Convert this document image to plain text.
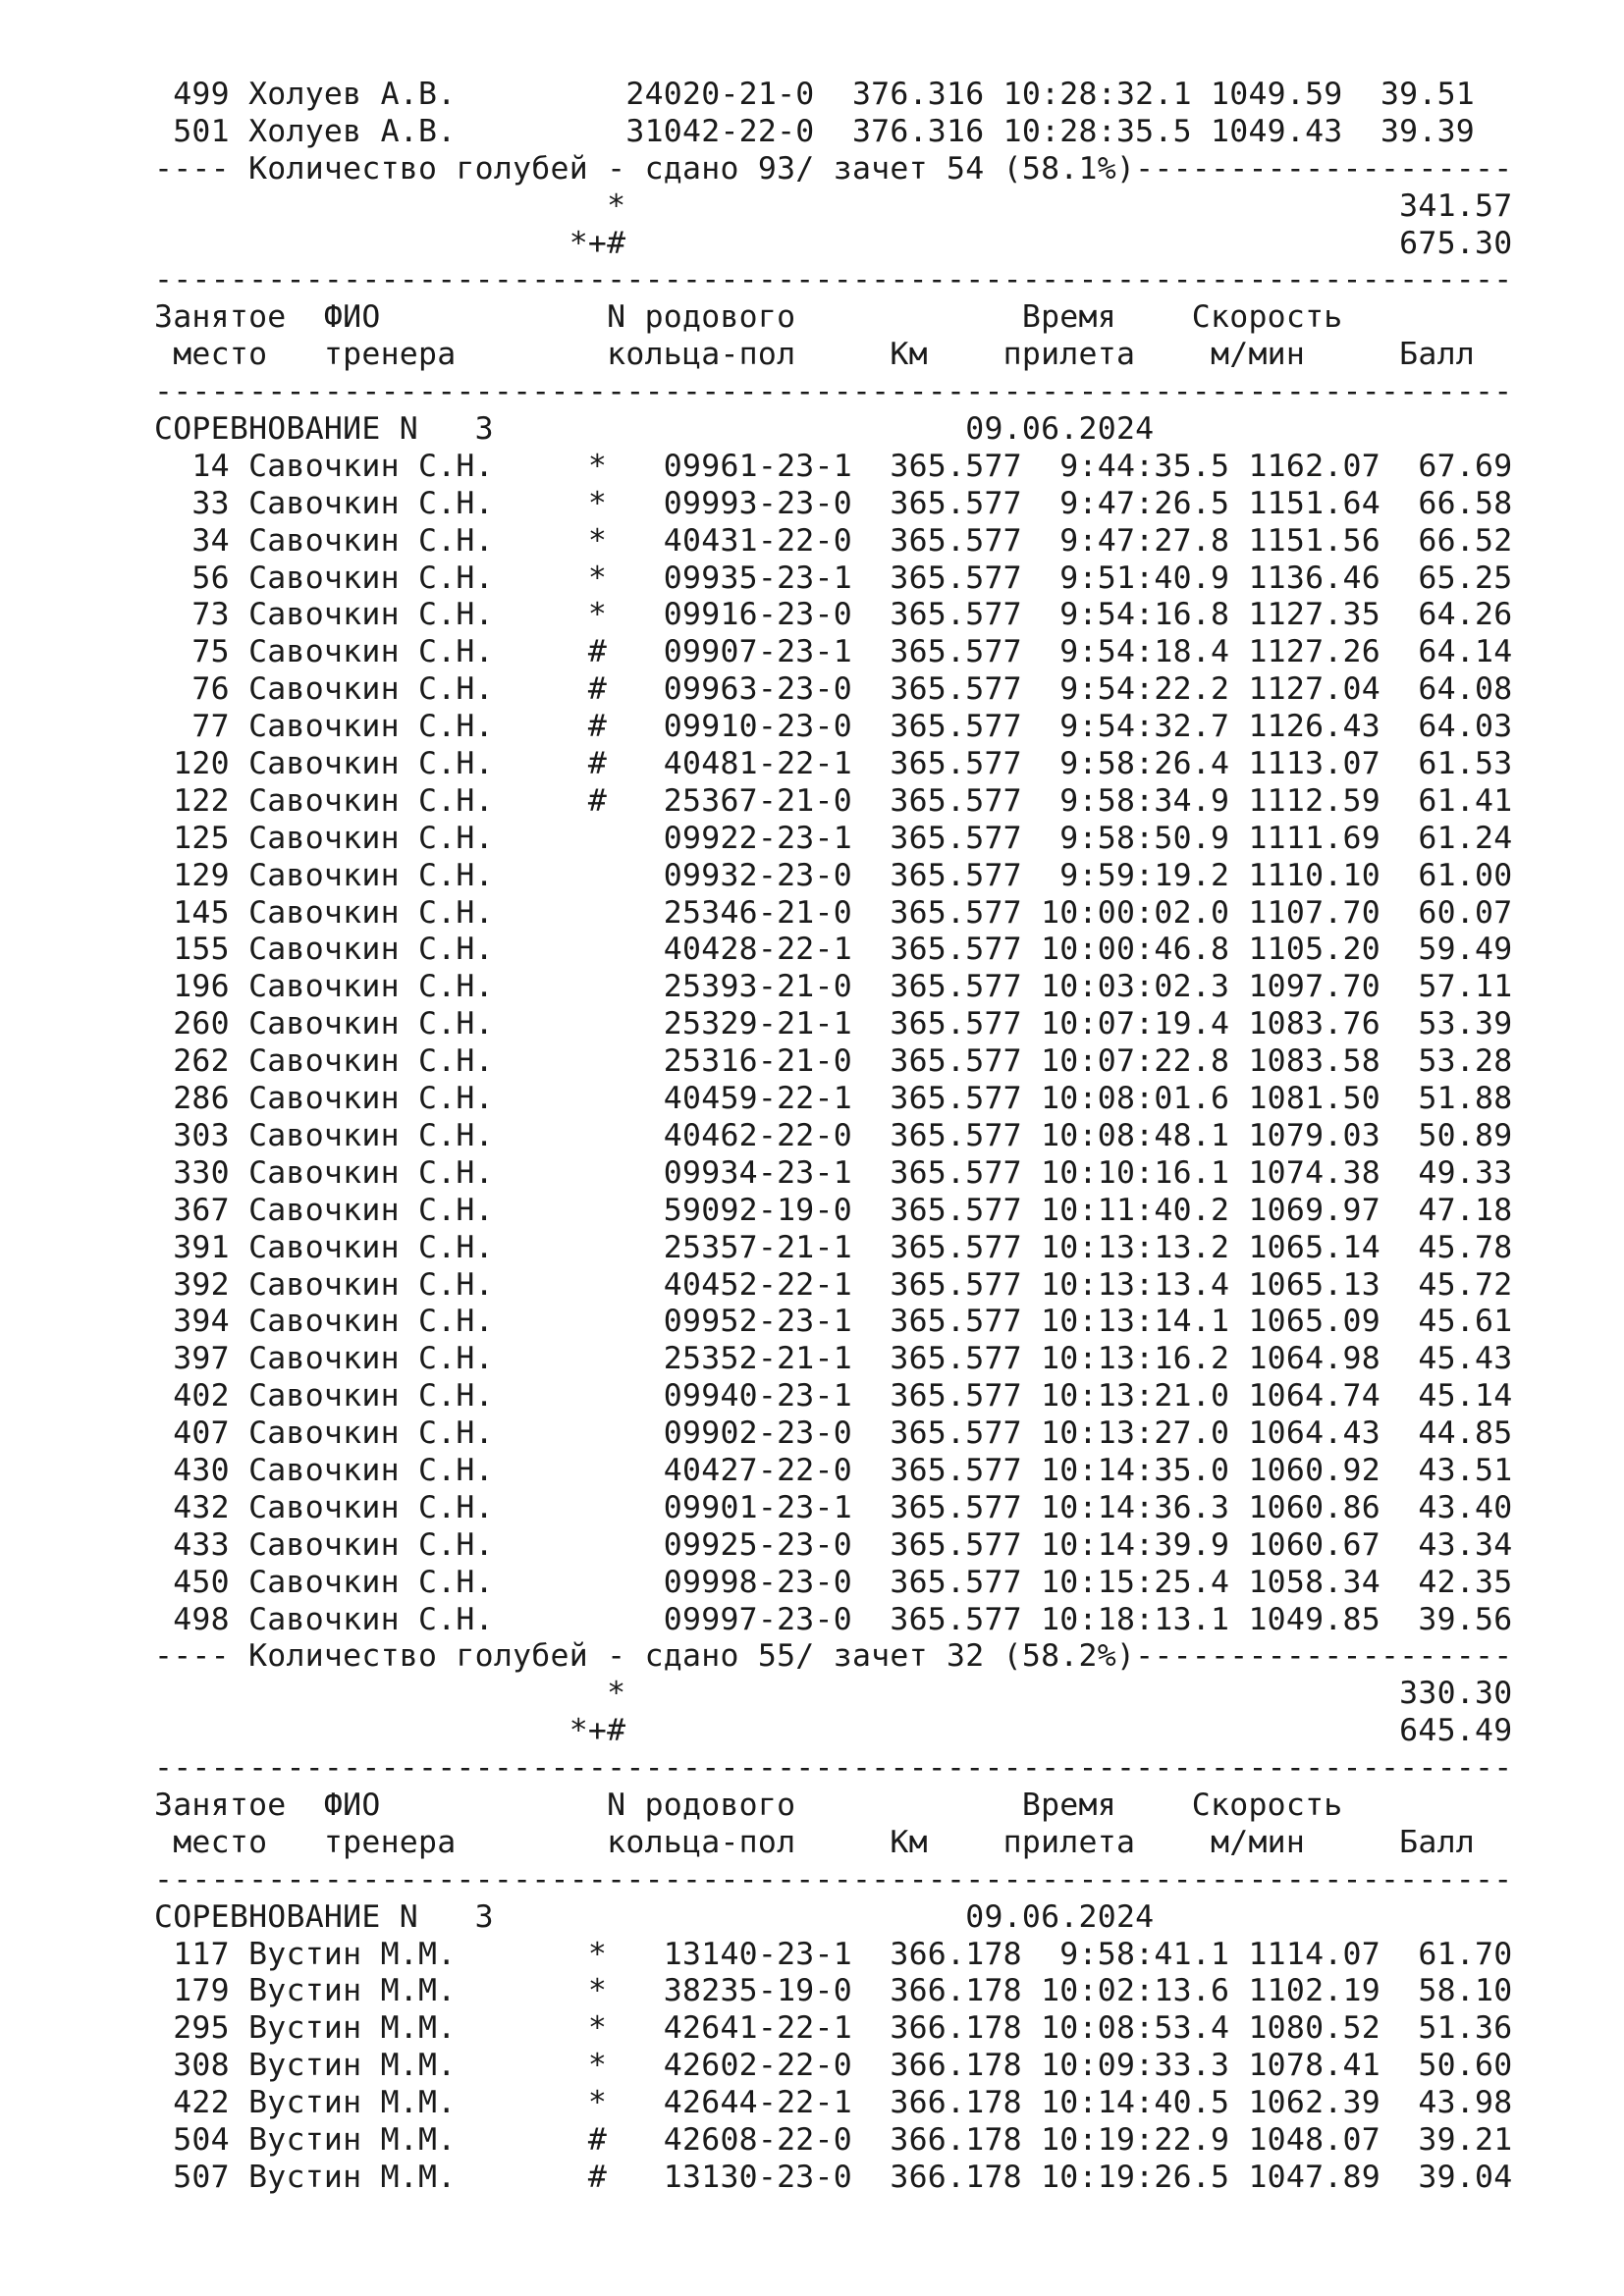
499 Холуев А.В.         24020-21-0  376.316 10:28:32.1 1049.59  39.51
501 Холуев А.В.         31042-22-0  376.316 10:28:35.5 1049.43  39.39
---- Количество голубей - сдано 93/ зачет 54 (58.1%)--------------------
*                                         341.57
*+#                                         675.30
------------------------------------------------------------------------
Занятое  ФИО            N родового            Время    Скорость
место   тренера        кольца-пол     Км    прилета    м/мин     Балл
------------------------------------------------------------------------
СОРЕВНОВАНИЕ N   3                         09.06.2024
14 Савочкин С.Н.     *   09961-23-1  365.577  9:44:35.5 1162.07  67.69
33 Савочкин С.Н.     *   09993-23-0  365.577  9:47:26.5 1151.64  66.58
34 Савочкин С.Н.     *   40431-22-0  365.577  9:47:27.8 1151.56  66.52
56 Савочкин С.Н.     *   09935-23-1  365.577  9:51:40.9 1136.46  65.25
73 Савочкин С.Н.     *   09916-23-0  365.577  9:54:16.8 1127.35  64.26
75 Савочкин С.Н.     #   09907-23-1  365.577  9:54:18.4 1127.26  64.14
76 Савочкин С.Н.     #   09963-23-0  365.577  9:54:22.2 1127.04  64.08
77 Савочкин С.Н.     #   09910-23-0  365.577  9:54:32.7 1126.43  64.03
120 Савочкин С.Н.     #   40481-22-1  365.577  9:58:26.4 1113.07  61.53
122 Савочкин С.Н.     #   25367-21-0  365.577  9:58:34.9 1112.59  61.41
125 Савочкин С.Н.         09922-23-1  365.577  9:58:50.9 1111.69  61.24
129 Савочкин С.Н.         09932-23-0  365.577  9:59:19.2 1110.10  61.00
145 Савочкин С.Н.         25346-21-0  365.577 10:00:02.0 1107.70  60.07
155 Савочкин С.Н.         40428-22-1  365.577 10:00:46.8 1105.20  59.49
196 Савочкин С.Н.         25393-21-0  365.577 10:03:02.3 1097.70  57.11
260 Савочкин С.Н.         25329-21-1  365.577 10:07:19.4 1083.76  53.39
262 Савочкин С.Н.         25316-21-0  365.577 10:07:22.8 1083.58  53.28
286 Савочкин С.Н.         40459-22-1  365.577 10:08:01.6 1081.50  51.88
303 Савочкин С.Н.         40462-22-0  365.577 10:08:48.1 1079.03  50.89
330 Савочкин С.Н.         09934-23-1  365.577 10:10:16.1 1074.38  49.33
367 Савочкин С.Н.         59092-19-0  365.577 10:11:40.2 1069.97  47.18
391 Савочкин С.Н.         25357-21-1  365.577 10:13:13.2 1065.14  45.78
392 Савочкин С.Н.         40452-22-1  365.577 10:13:13.4 1065.13  45.72
394 Савочкин С.Н.         09952-23-1  365.577 10:13:14.1 1065.09  45.61
397 Савочкин С.Н.         25352-21-1  365.577 10:13:16.2 1064.98  45.43
402 Савочкин С.Н.         09940-23-1  365.577 10:13:21.0 1064.74  45.14
407 Савочкин С.Н.         09902-23-0  365.577 10:13:27.0 1064.43  44.85
430 Савочкин С.Н.         40427-22-0  365.577 10:14:35.0 1060.92  43.51
432 Савочкин С.Н.         09901-23-1  365.577 10:14:36.3 1060.86  43.40
433 Савочкин С.Н.         09925-23-0  365.577 10:14:39.9 1060.67  43.34
450 Савочкин С.Н.         09998-23-0  365.577 10:15:25.4 1058.34  42.35
498 Савочкин С.Н.         09997-23-0  365.577 10:18:13.1 1049.85  39.56
---- Количество голубей - сдано 55/ зачет 32 (58.2%)--------------------
*                                         330.30
*+#                                         645.49
------------------------------------------------------------------------
Занятое  ФИО            N родового            Время    Скорость
место   тренера        кольца-пол     Км    прилета    м/мин     Балл
------------------------------------------------------------------------
СОРЕВНОВАНИЕ N   3                         09.06.2024
117 Вустин М.М.       *   13140-23-1  366.178  9:58:41.1 1114.07  61.70
179 Вустин М.М.       *   38235-19-0  366.178 10:02:13.6 1102.19  58.10
295 Вустин М.М.       *   42641-22-1  366.178 10:08:53.4 1080.52  51.36
308 Вустин М.М.       *   42602-22-0  366.178 10:09:33.3 1078.41  50.60
422 Вустин М.М.       *   42644-22-1  366.178 10:14:40.5 1062.39  43.98
504 Вустин М.М.       #   42608-22-0  366.178 10:19:22.9 1048.07  39.21
507 Вустин М.М.       #   13130-23-0  366.178 10:19:26.5 1047.89  39.04
